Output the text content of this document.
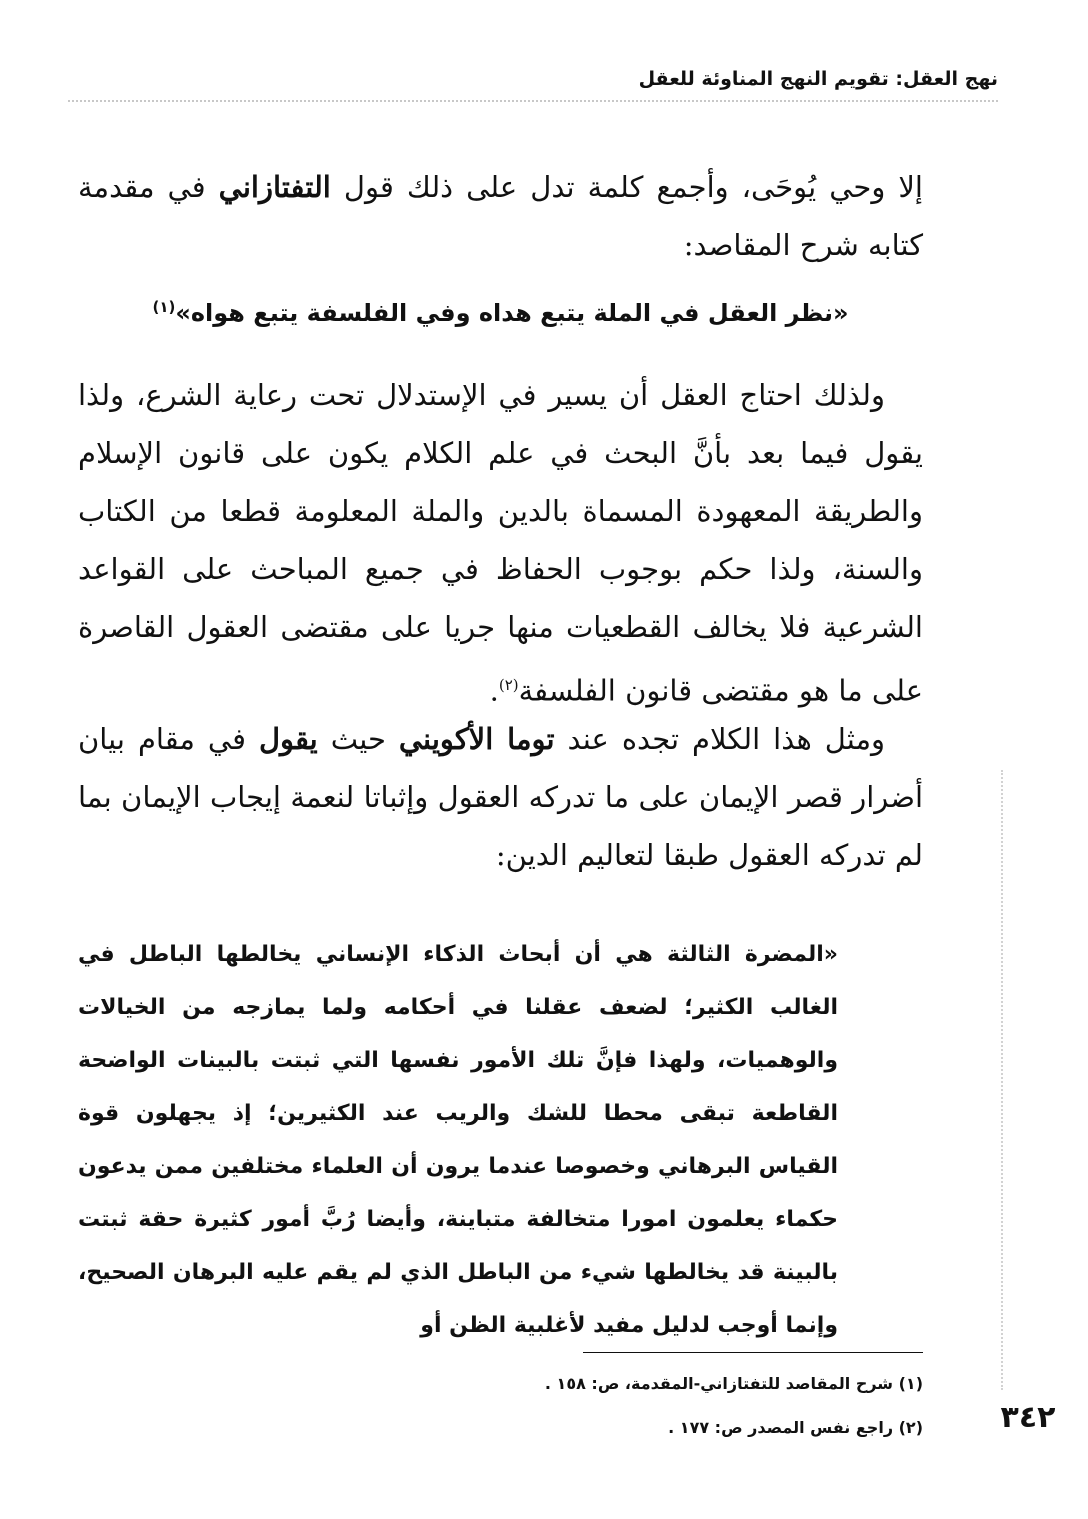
نهج العقل: تقويم النهج المناوئة للعقل

إلا وحي يُوحَى، وأجمع كلمة تدل على ذلك قول التفتازاني في مقدمة كتابه شرح المقاصد:

«نظر العقل في الملة يتبع هداه وفي الفلسفة يتبع هواه»$^{(١)}$

ولذلك احتاج العقل أن يسير في الإستدلال تحت رعاية الشرع، ولذا يقول فيما بعد بأنَّ البحث في علم الكلام يكون على قانون الإسلام والطريقة المعهودة المسماة بالدين والملة المعلومة قطعا من الكتاب والسنة، ولذا حكم بوجوب الحفاظ في جميع المباحث على القواعد الشرعية فلا يخالف القطعيات منها جريا على مقتضى العقول القاصرة على ما هو مقتضى قانون الفلسفة$^{(٢)}$.

ومثل هذا الكلام تجده عند توما الأكويني حيث يقول في مقام بيان أضرار قصر الإيمان على ما تدركه العقول وإثباتا لنعمة إيجاب الإيمان بما لم تدركه العقول طبقا لتعاليم الدين:

«المضرة الثالثة هي أن أبحاث الذكاء الإنساني يخالطها الباطل في الغالب الكثير؛ لضعف عقلنا في أحكامه ولما يمازجه من الخيالات والوهميات، ولهذا فإنَّ تلك الأمور نفسها التي ثبتت بالبينات الواضحة القاطعة تبقى محطا للشك والريب عند الكثيرين؛ إذ يجهلون قوة القياس البرهاني وخصوصا عندما يرون أن العلماء مختلفين ممن يدعون حكماء يعلمون امورا متخالفة متباينة، وأيضا رُبَّ أمور كثيرة حقة ثبتت بالبينة قد يخالطها شيء من الباطل الذي لم يقم عليه البرهان الصحيح، وإنما أوجب لدليل مفيد لأغلبية الظن أو

(١) شرح المقاصد للتفتازاني-المقدمة، ص: ١٥٨ .
(٢) راجع نفس المصدر ص: ١٧٧ .	٣٤٢
